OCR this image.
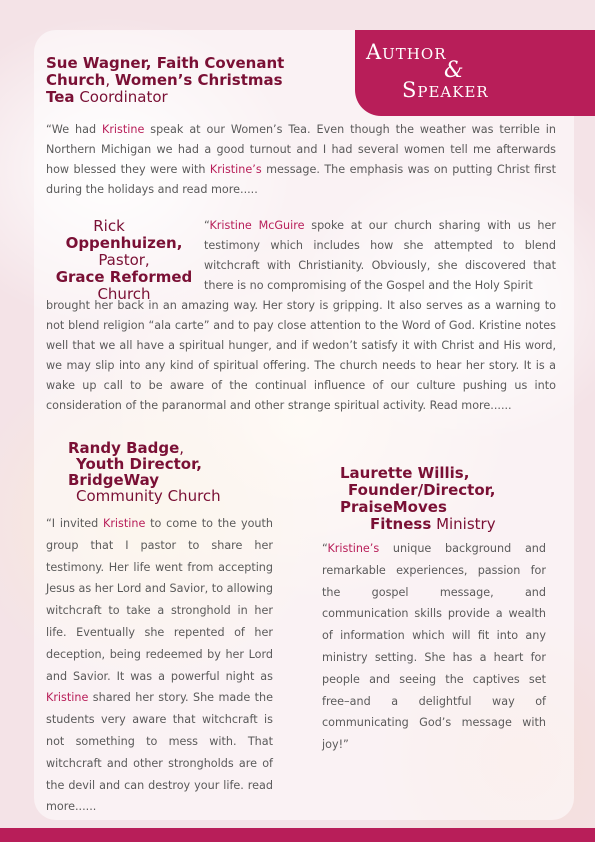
Author
&
Speaker
Sue Wagner, Faith Covenant Church, Women’s Christmas Tea Coordinator
“We had Kristine speak at our Women’s Tea. Even though the weather was terrible in Northern Michigan we had a good turnout and I had several women tell me afterwards how blessed they were with Kristine’s message. The emphasis was on putting Christ first during the holidays and read more.....
Rick
Oppenhuizen,
Pastor,
Grace Reformed
Church
“Kristine McGuire spoke at our church sharing with us her testimony which includes how she attempted to blend witchcraft with Christianity. Obviously, she discovered that there is no compromising of the Gospel and the Holy Spirit
brought her back in an amazing way. Her story is gripping. It also serves as a warning to not blend religion “ala carte” and to pay close attention to the Word of God. Kristine notes well that we all have a spiritual hunger, and if wedon’t satisfy it with Christ and His word, we may slip into any kind of spiritual offering. The church needs to hear her story. It is a wake up call to be aware of the continual influence of our culture pushing us into consideration of the paranormal and other strange spiritual activity. Read more......
Randy Badge,
Youth Director,
BridgeWay
Community Church
“I invited Kristine to come to the youth group that I pastor to share her testimony. Her life went from accepting Jesus as her Lord and Savior, to allowing witchcraft to take a stronghold in her life. Eventually she repented of her deception, being redeemed by her Lord and Savior. It was a powerful night as Kristine shared her story. She made the students very aware that witchcraft is not something to mess with. That witchcraft and other strongholds are of the devil and can destroy your life. read more......
Laurette Willis,
Founder/Director,
PraiseMoves
Fitness Ministry
“Kristine’s unique background and remarkable experiences, passion for the gospel message, and communication skills provide a wealth of information which will fit into any ministry setting. She has a heart for people and seeing the captives set free–and a delightful way of communicating God’s message with joy!”
